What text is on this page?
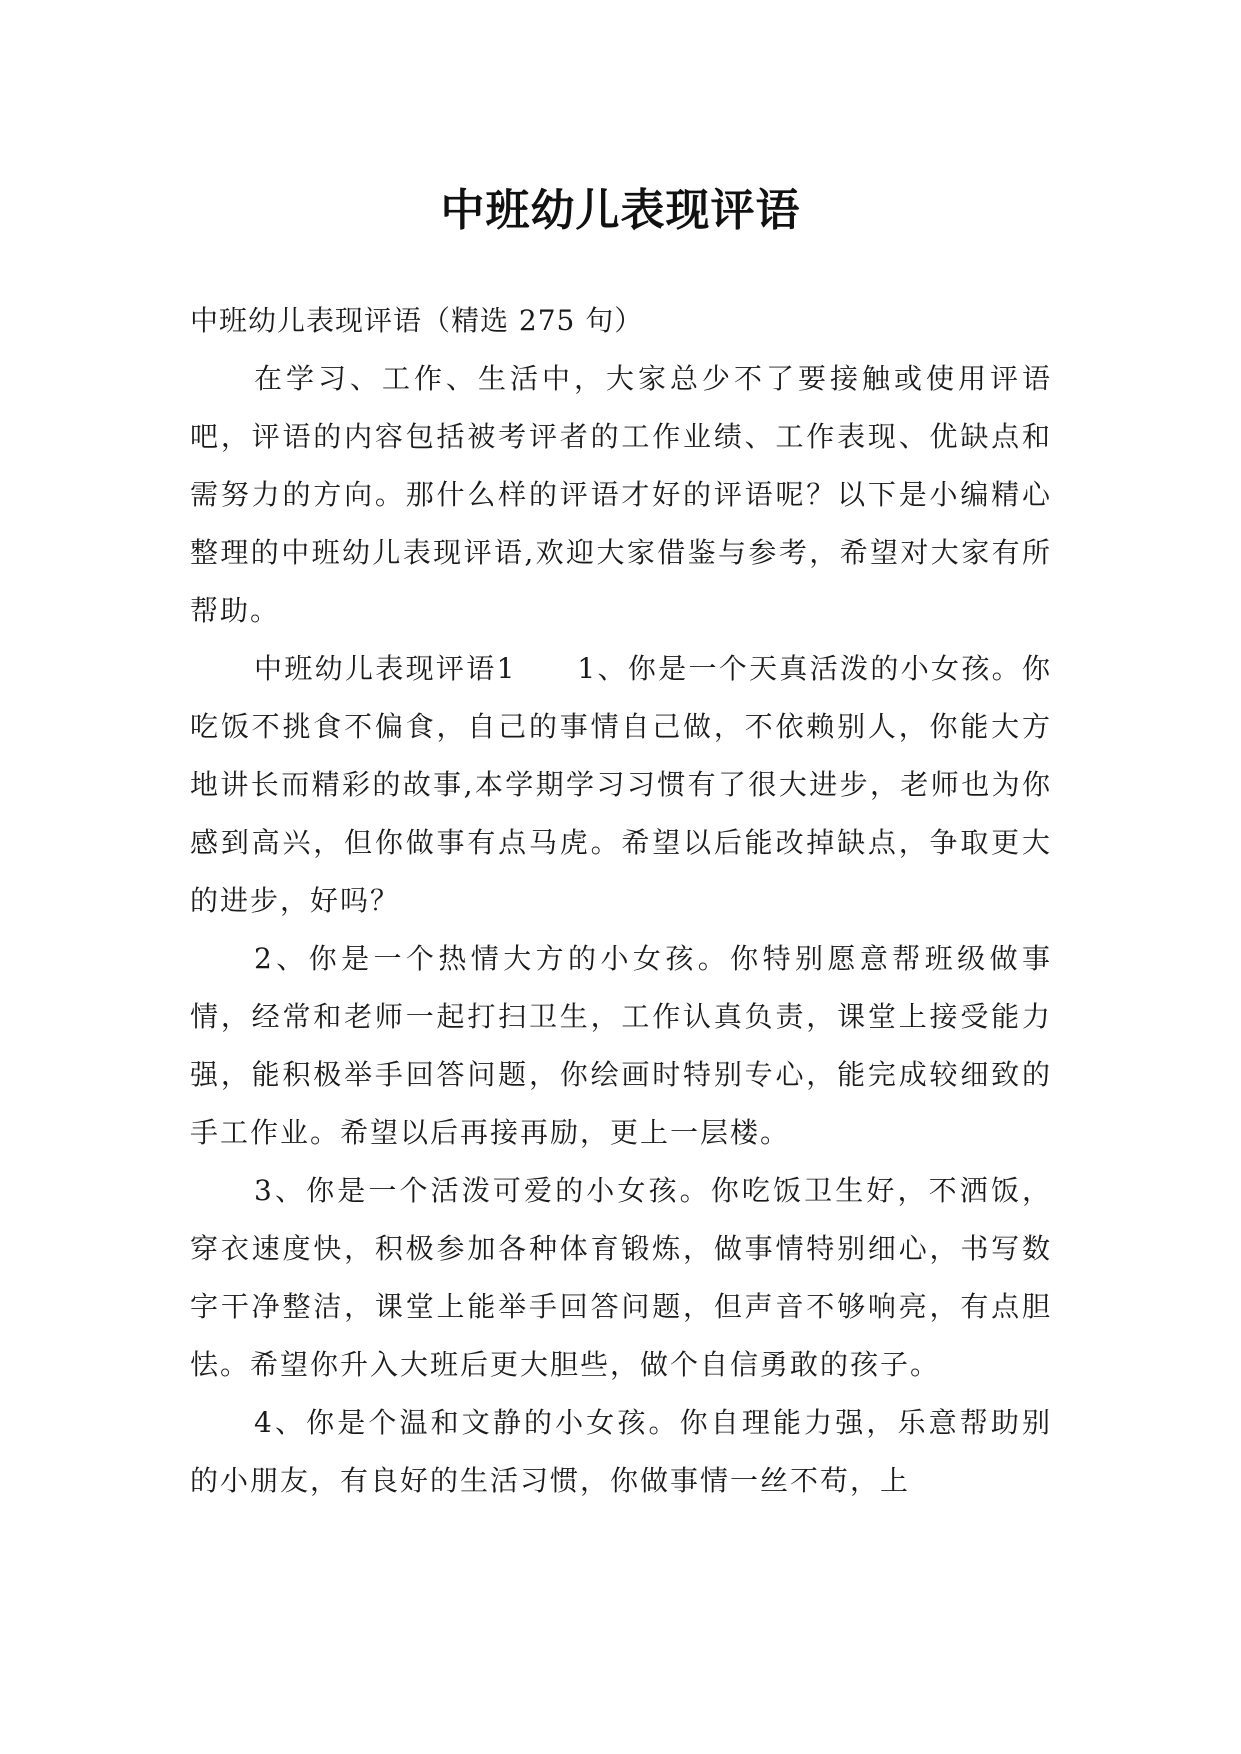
中班幼儿表现评语

中班幼儿表现评语（精选 275 句）

在学习、工作、生活中，大家总少不了要接触或使用评语吧，评语的内容包括被考评者的工作业绩、工作表现、优缺点和需努力的方向。那什么样的评语才好的评语呢？以下是小编精心整理的中班幼儿表现评语,欢迎大家借鉴与参考，希望对大家有所帮助。

中班幼儿表现评语1　　1、你是一个天真活泼的小女孩。你吃饭不挑食不偏食，自己的事情自己做，不依赖别人，你能大方地讲长而精彩的故事,本学期学习习惯有了很大进步，老师也为你感到高兴，但你做事有点马虎。希望以后能改掉缺点，争取更大的进步，好吗？

2、你是一个热情大方的小女孩。你特别愿意帮班级做事情，经常和老师一起打扫卫生，工作认真负责，课堂上接受能力强，能积极举手回答问题，你绘画时特别专心，能完成较细致的手工作业。希望以后再接再励，更上一层楼。

3、你是一个活泼可爱的小女孩。你吃饭卫生好，不洒饭，穿衣速度快，积极参加各种体育锻炼，做事情特别细心，书写数字干净整洁，课堂上能举手回答问题，但声音不够响亮，有点胆怯。希望你升入大班后更大胆些，做个自信勇敢的孩子。

4、你是个温和文静的小女孩。你自理能力强，乐意帮助别的小朋友，有良好的生活习惯，你做事情一丝不苟，上
